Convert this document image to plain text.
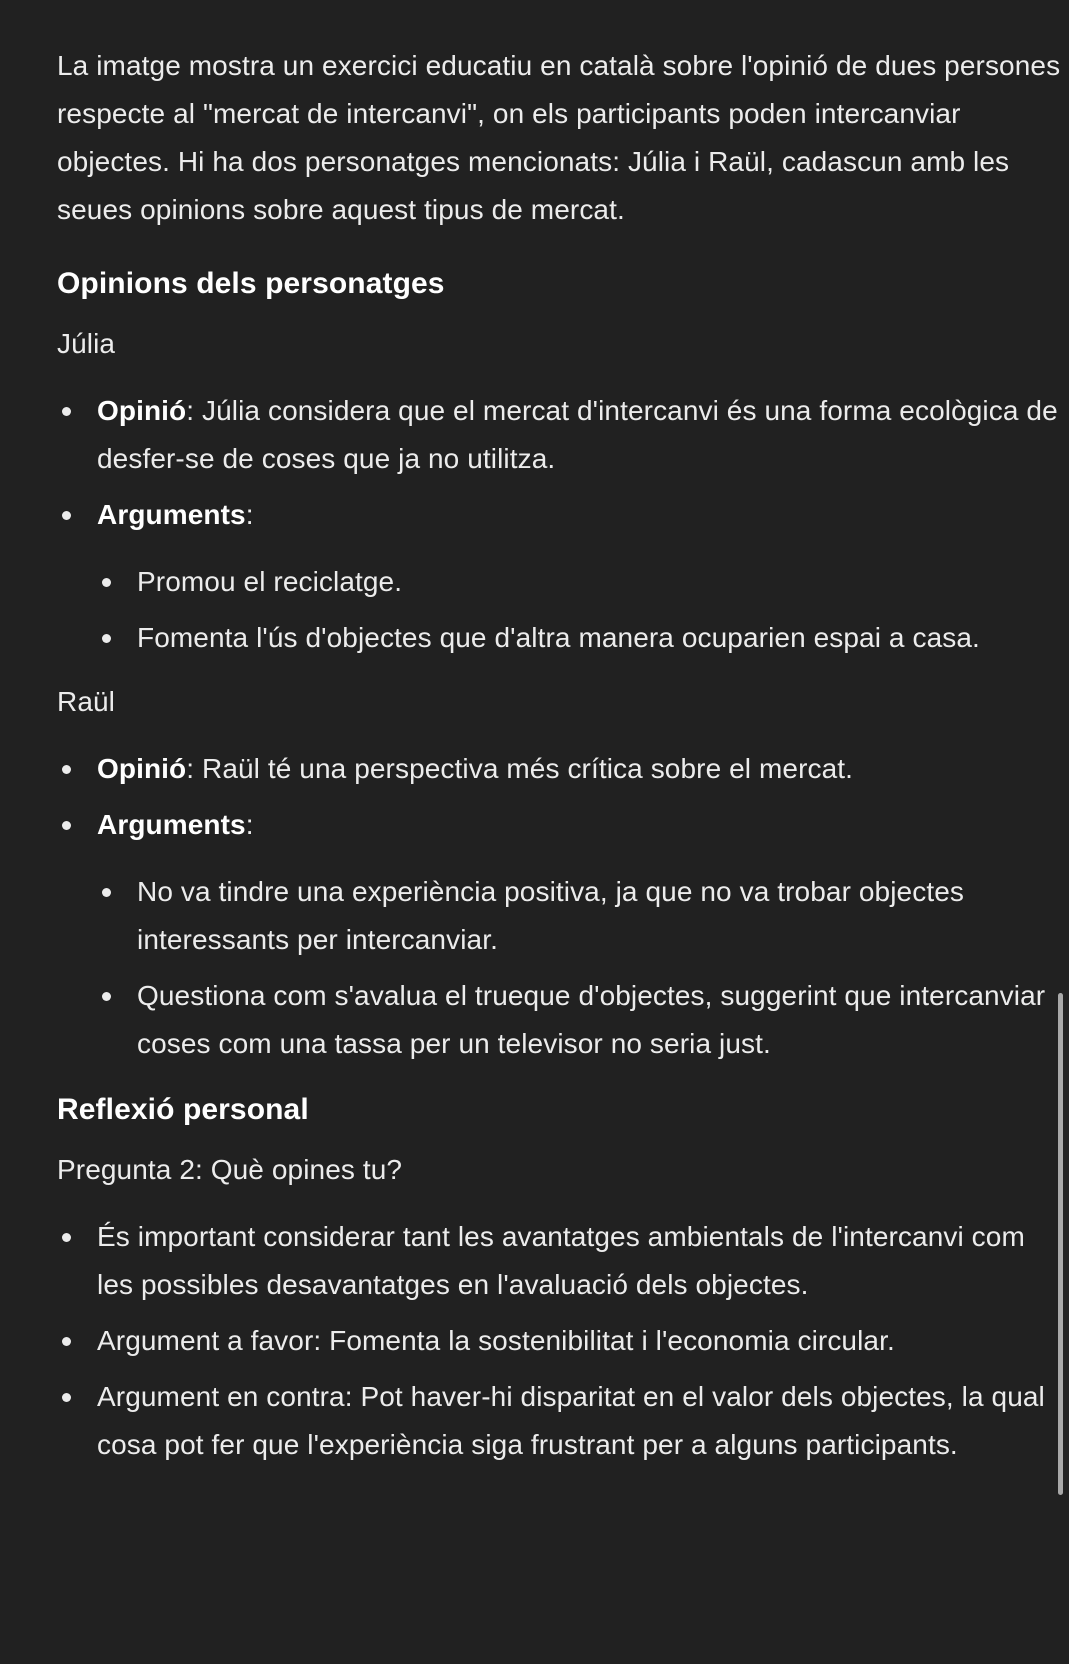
La imatge mostra un exercici educatiu en català sobre l'opinió de dues persones respecte al "mercat de intercanvi", on els participants poden intercanviar objectes. Hi ha dos personatges mencionats: Júlia i Raül, cadascun amb les seues opinions sobre aquest tipus de mercat.

Opinions dels personatges

Júlia

Opinió: Júlia considera que el mercat d'intercanvi és una forma ecològica de desfer-se de coses que ja no utilitza.
Arguments:
Promou el reciclatge.
Fomenta l'ús d'objectes que d'altra manera ocuparien espai a casa.

Raül

Opinió: Raül té una perspectiva més crítica sobre el mercat.
Arguments:
No va tindre una experiència positiva, ja que no va trobar objectes interessants per intercanviar.
Questiona com s'avalua el trueque d'objectes, suggerint que intercanviar coses com una tassa per un televisor no seria just.
Reflexió personal

Pregunta 2: Què opines tu?

És important considerar tant les avantatges ambientals de l'intercanvi com les possibles desavantatges en l'avaluació dels objectes.
Argument a favor: Fomenta la sostenibilitat i l'economia circular.
Argument en contra: Pot haver-hi disparitat en el valor dels objectes, la qual cosa pot fer que l'experiència siga frustrant per a alguns participants.
